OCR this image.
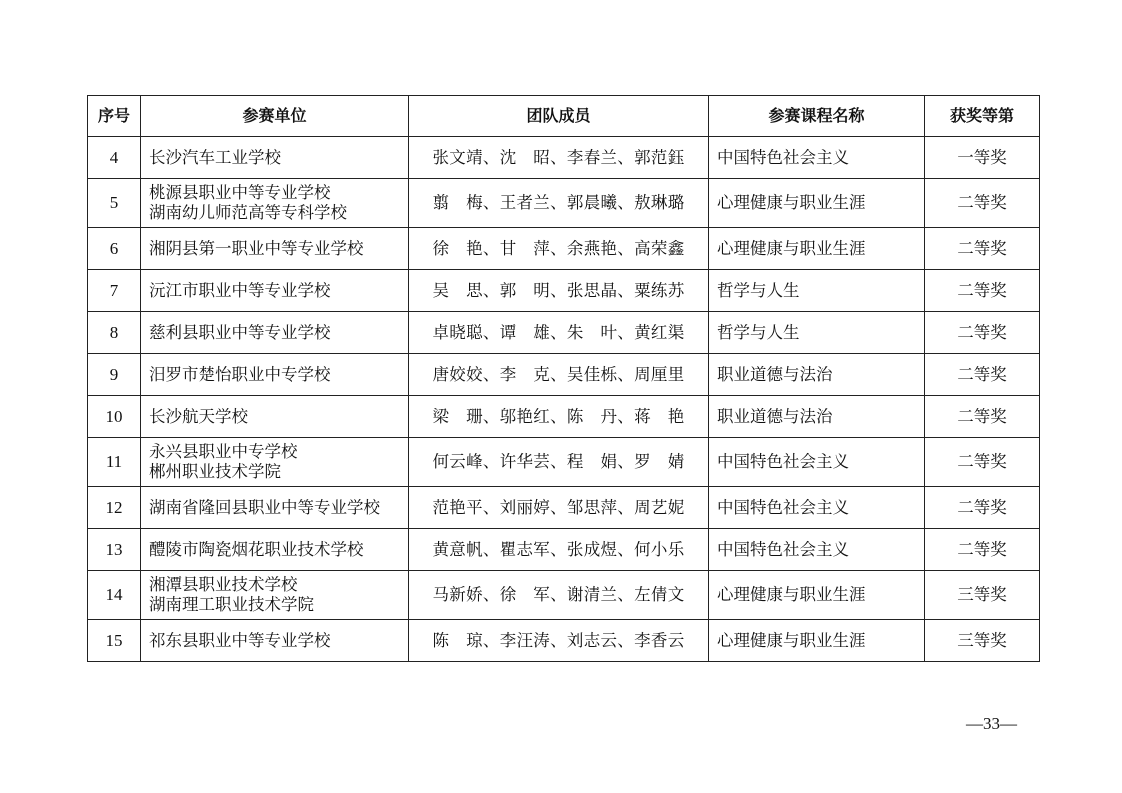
序号	参赛单位	团队成员	参赛课程名称	获奖等第
4	长沙汽车工业学校	张文靖、沈　昭、李春兰、郭范鈺	中国特色社会主义	一等奖
5	桃源县职业中等专业学校
湖南幼儿师范高等专科学校	翦　梅、王者兰、郭晨曦、敖琳璐	心理健康与职业生涯	二等奖
6	湘阴县第一职业中等专业学校	徐　艳、甘　萍、余燕艳、高荣鑫	心理健康与职业生涯	二等奖
7	沅江市职业中等专业学校	吴　思、郭　明、张思晶、粟练苏	哲学与人生	二等奖
8	慈利县职业中等专业学校	卓晓聪、谭　雄、朱　叶、黄红渠	哲学与人生	二等奖
9	汨罗市楚怡职业中专学校	唐姣姣、李　克、吴佳栎、周厘里	职业道德与法治	二等奖
10	长沙航天学校	梁　珊、邬艳红、陈　丹、蒋　艳	职业道德与法治	二等奖
11	永兴县职业中专学校
郴州职业技术学院	何云峰、许华芸、程　娟、罗　婧	中国特色社会主义	二等奖
12	湖南省隆回县职业中等专业学校	范艳平、刘丽婷、邹思萍、周艺妮	中国特色社会主义	二等奖
13	醴陵市陶瓷烟花职业技术学校	黄意帆、瞿志军、张成煜、何小乐	中国特色社会主义	二等奖
14	湘潭县职业技术学校
湖南理工职业技术学院	马新娇、徐　军、谢清兰、左倩文	心理健康与职业生涯	三等奖
15	祁东县职业中等专业学校	陈　琼、李汪涛、刘志云、李香云	心理健康与职业生涯	三等奖
—33—
